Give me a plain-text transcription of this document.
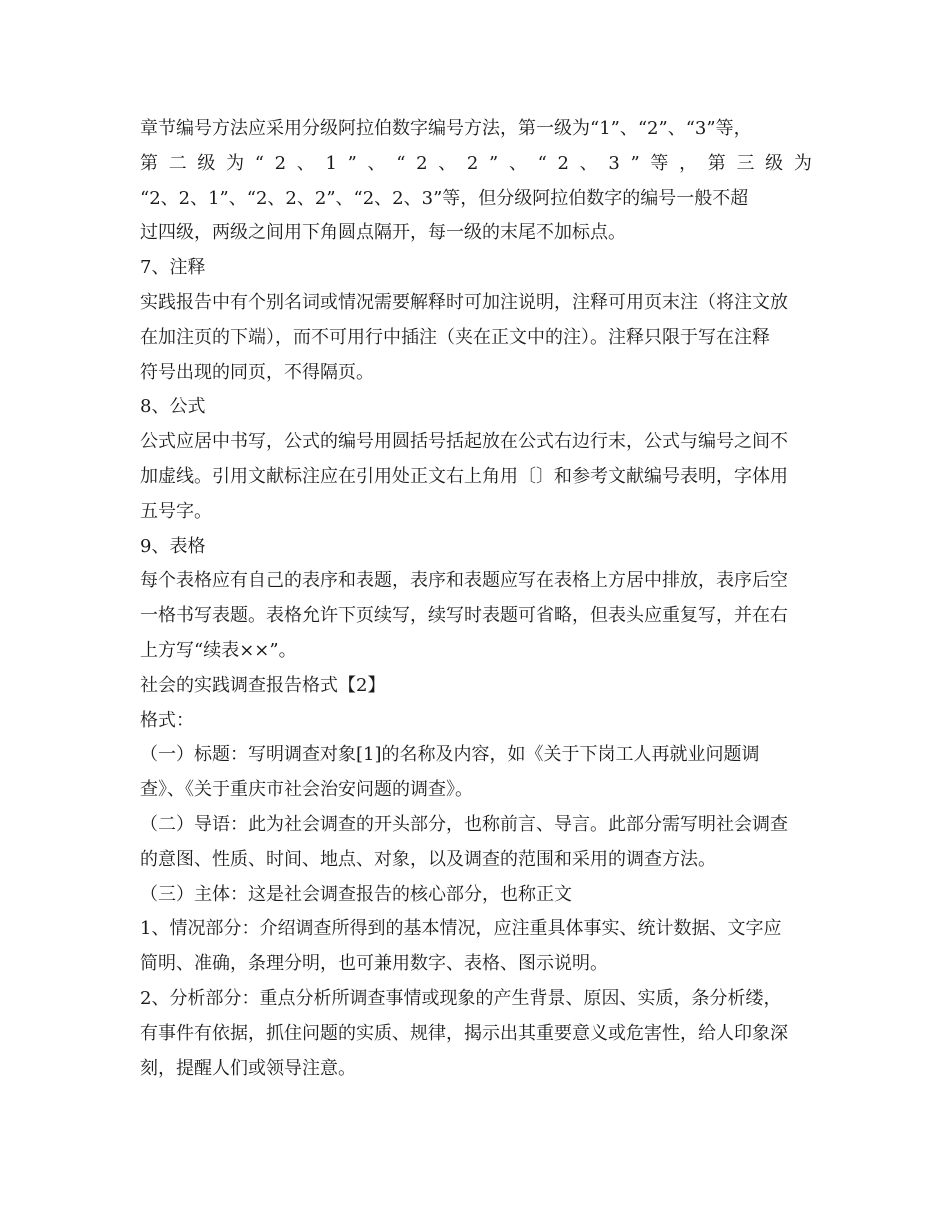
章节编号方法应采用分级阿拉伯数字编号方法，第一级为“1”、“2”、“3”等，
第 二 级 为 “ 2 、 1 ” 、 “ 2 、 2 ” 、 “ 2 、 3 ” 等 ， 第 三 级 为
“2、2、1”、“2、2、2”、“2、2、3”等，但分级阿拉伯数字的编号一般不超
过四级，两级之间用下角圆点隔开，每一级的末尾不加标点。
7、注释
实践报告中有个别名词或情况需要解释时可加注说明，注释可用页末注（将注文放
在加注页的下端），而不可用行中插注（夹在正文中的注）。注释只限于写在注释
符号出现的同页，不得隔页。
8、公式
公式应居中书写，公式的编号用圆括号括起放在公式右边行末，公式与编号之间不
加虚线。引用文献标注应在引用处正文右上角用〔〕和参考文献编号表明，字体用
五号字。
9、表格
每个表格应有自己的表序和表题，表序和表题应写在表格上方居中排放，表序后空
一格书写表题。表格允许下页续写，续写时表题可省略，但表头应重复写，并在右
上方写“续表××”。
社会的实践调查报告格式【2】
格式：
（一）标题：写明调查对象[1]的名称及内容，如《关于下岗工人再就业问题调
查》、《关于重庆市社会治安问题的调查》。
（二）导语：此为社会调查的开头部分，也称前言、导言。此部分需写明社会调查
的意图、性质、时间、地点、对象，以及调查的范围和采用的调查方法。
（三）主体：这是社会调查报告的核心部分，也称正文
1、情况部分：介绍调查所得到的基本情况，应注重具体事实、统计数据、文字应
简明、准确，条理分明，也可兼用数字、表格、图示说明。
2、分析部分：重点分析所调查事情或现象的产生背景、原因、实质，条分析缕，
有事件有依据，抓住问题的实质、规律，揭示出其重要意义或危害性，给人印象深
刻，提醒人们或领导注意。
